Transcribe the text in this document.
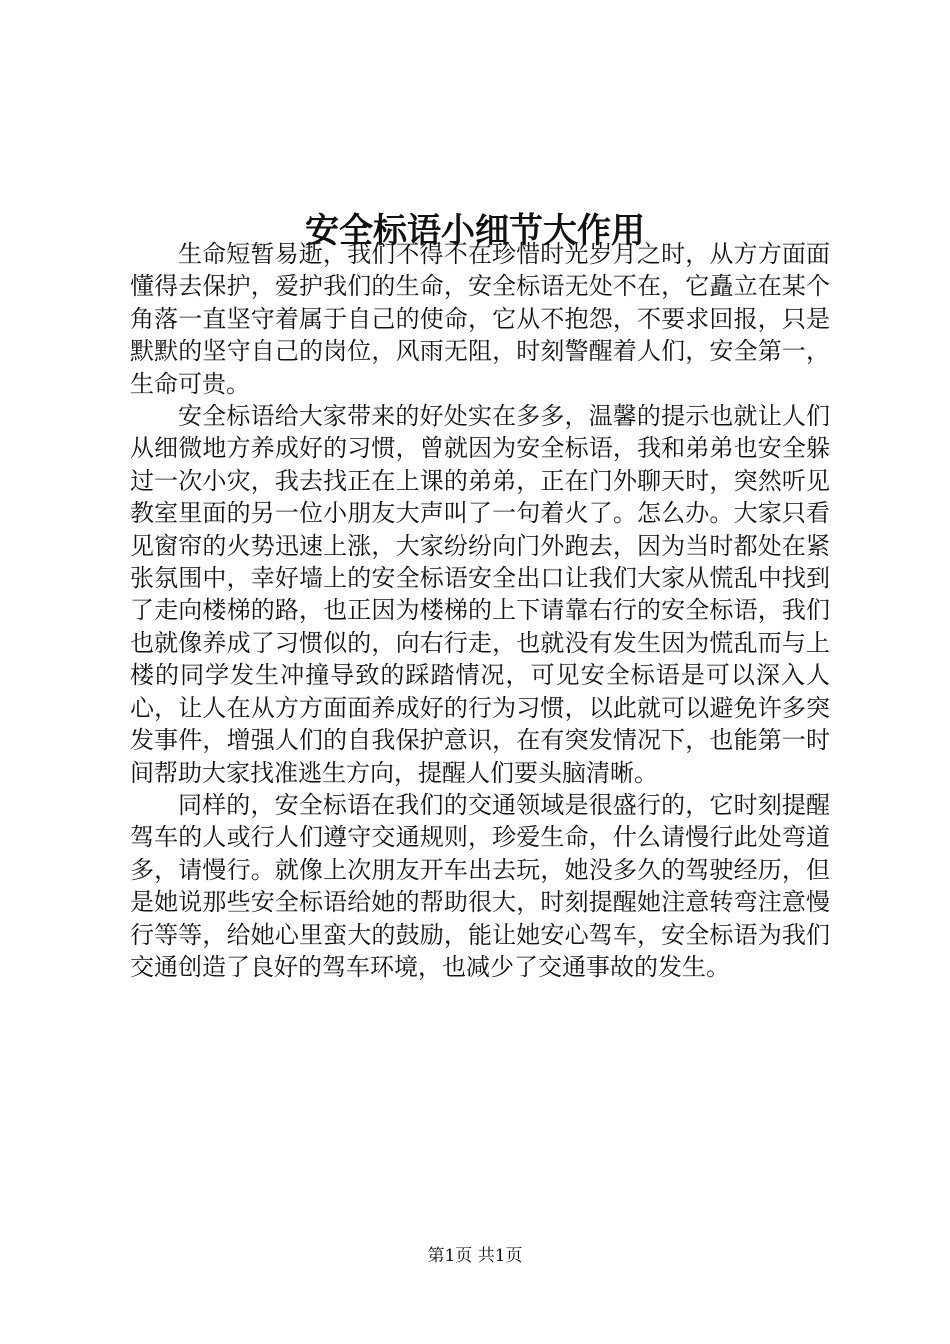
安全标语小细节大作用

生命短暂易逝，我们不得不在珍惜时光岁月之时，从方方面面懂得去保护，爱护我们的生命，安全标语无处不在，它矗立在某个角落一直坚守着属于自己的使命，它从不抱怨，不要求回报，只是默默的坚守自己的岗位，风雨无阻，时刻警醒着人们，安全第一，生命可贵。

安全标语给大家带来的好处实在多多，温馨的提示也就让人们从细微地方养成好的习惯，曾就因为安全标语，我和弟弟也安全躲过一次小灾，我去找正在上课的弟弟，正在门外聊天时，突然听见教室里面的另一位小朋友大声叫了一句着火了。怎么办。大家只看见窗帘的火势迅速上涨，大家纷纷向门外跑去，因为当时都处在紧张氛围中，幸好墙上的安全标语安全出口让我们大家从慌乱中找到了走向楼梯的路，也正因为楼梯的上下请靠右行的安全标语，我们也就像养成了习惯似的，向右行走，也就没有发生因为慌乱而与上楼的同学发生冲撞导致的踩踏情况，可见安全标语是可以深入人心，让人在从方方面面养成好的行为习惯，以此就可以避免许多突发事件，增强人们的自我保护意识，在有突发情况下，也能第一时间帮助大家找准逃生方向，提醒人们要头脑清晰。

同样的，安全标语在我们的交通领域是很盛行的，它时刻提醒驾车的人或行人们遵守交通规则，珍爱生命，什么请慢行此处弯道多，请慢行。就像上次朋友开车出去玩，她没多久的驾驶经历，但是她说那些安全标语给她的帮助很大，时刻提醒她注意转弯注意慢行等等，给她心里蛮大的鼓励，能让她安心驾车，安全标语为我们交通创造了良好的驾车环境，也减少了交通事故的发生。

第1页 共1页
